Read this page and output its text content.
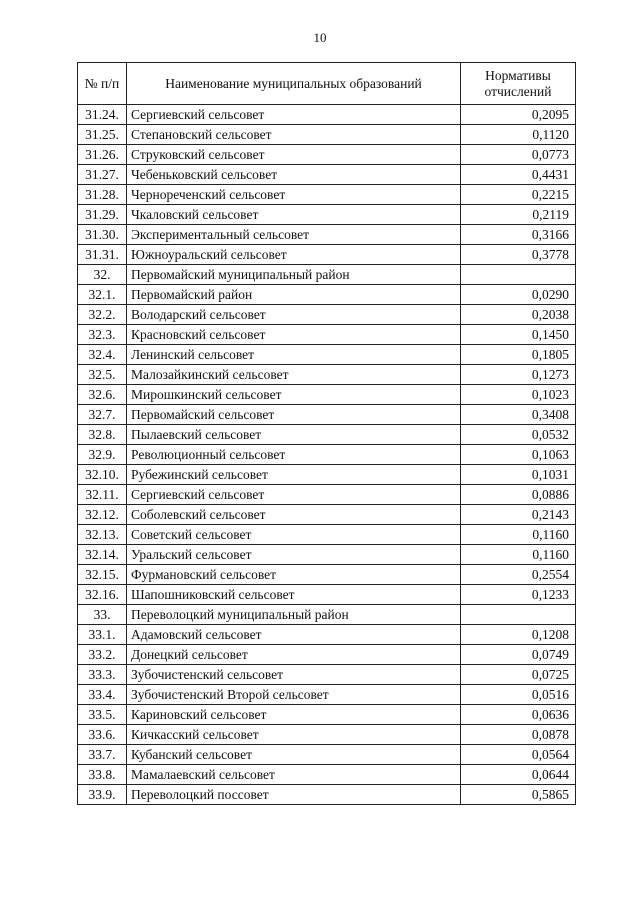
10
№ п/п	Наименование муниципальных образований	Нормативы отчислений
31.24.	Сергиевский сельсовет	0,2095
31.25.	Степановский сельсовет	0,1120
31.26.	Струковский сельсовет	0,0773
31.27.	Чебеньковский сельсовет	0,4431
31.28.	Чернореченский сельсовет	0,2215
31.29.	Чкаловский сельсовет	0,2119
31.30.	Экспериментальный сельсовет	0,3166
31.31.	Южноуральский сельсовет	0,3778
32.	Первомайский муниципальный район	
32.1.	Первомайский район	0,0290
32.2.	Володарский сельсовет	0,2038
32.3.	Красновский сельсовет	0,1450
32.4.	Ленинский сельсовет	0,1805
32.5.	Малозайкинский сельсовет	0,1273
32.6.	Мирошкинский сельсовет	0,1023
32.7.	Первомайский сельсовет	0,3408
32.8.	Пылаевский сельсовет	0,0532
32.9.	Революционный сельсовет	0,1063
32.10.	Рубежинский сельсовет	0,1031
32.11.	Сергиевский сельсовет	0,0886
32.12.	Соболевский сельсовет	0,2143
32.13.	Советский сельсовет	0,1160
32.14.	Уральский сельсовет	0,1160
32.15.	Фурмановский сельсовет	0,2554
32.16.	Шапошниковский сельсовет	0,1233
33.	Переволоцкий муниципальный район	
33.1.	Адамовский сельсовет	0,1208
33.2.	Донецкий сельсовет	0,0749
33.3.	Зубочистенский сельсовет	0,0725
33.4.	Зубочистенский Второй сельсовет	0,0516
33.5.	Кариновский сельсовет	0,0636
33.6.	Кичкасский сельсовет	0,0878
33.7.	Кубанский сельсовет	0,0564
33.8.	Мамалаевский сельсовет	0,0644
33.9.	Переволоцкий поссовет	0,5865
